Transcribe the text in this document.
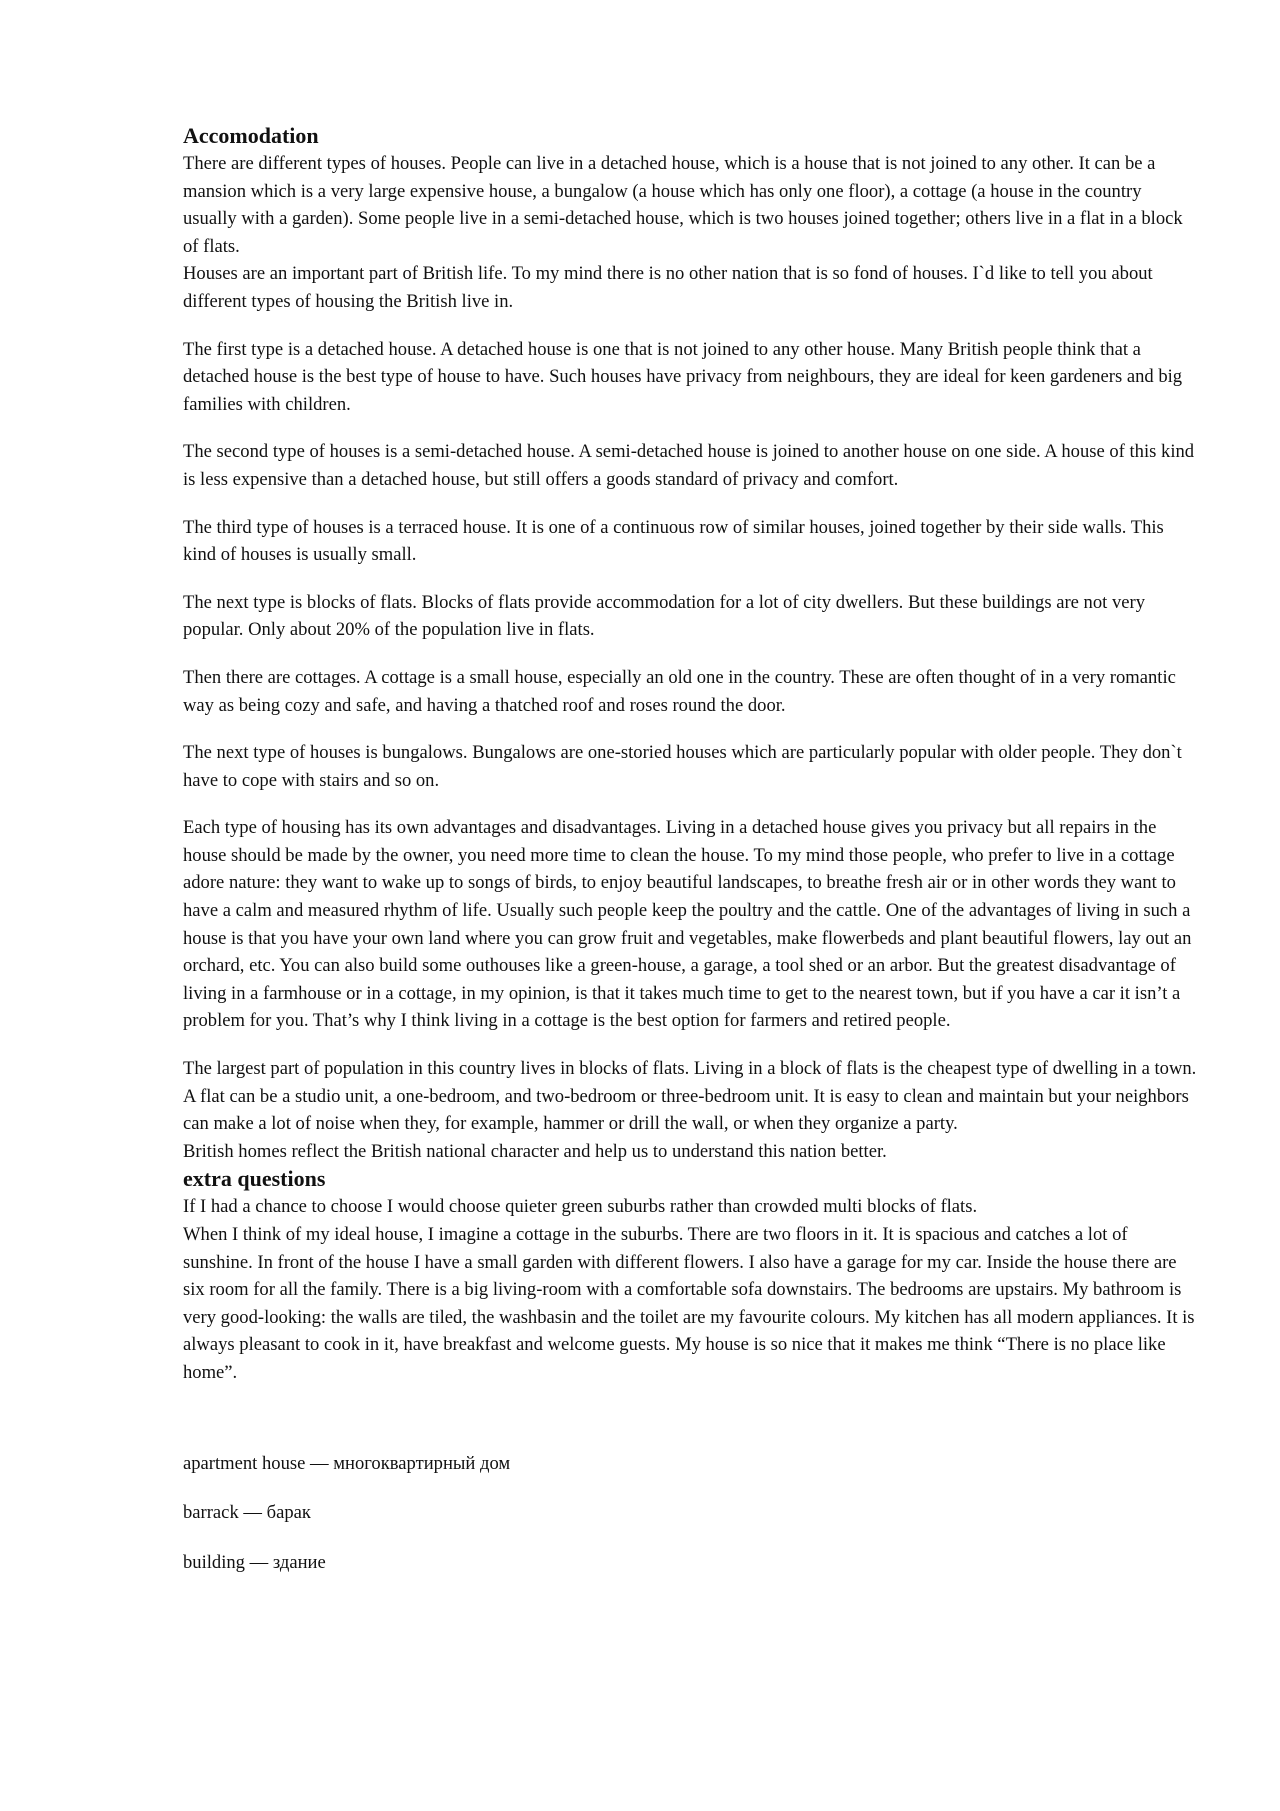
Accomodation

There are different types of houses. People can live in a detached house, which is a house that is not joined to any other. It can be a mansion which is a very large expensive house, a bungalow (a house which has only one floor), a cottage (a house in the country usually with a garden). Some people live in a semi-detached house, which is two houses joined together; others live in a flat in a block of flats.

Houses are an important part of British life. To my mind there is no other nation that is so fond of houses. I`d like to tell you about different types of housing the British live in.

The first type is a detached house. A detached house is one that is not joined to any other house. Many British people think that a detached house is the best type of house to have. Such houses have privacy from neighbours, they are ideal for keen gardeners and big families with children.

The second type of houses is a semi-detached house. A semi-detached house is joined to another house on one side. A house of this kind is less expensive than a detached house, but still offers a goods standard of privacy and comfort.

The third type of houses is a terraced house. It is one of a continuous row of similar houses, joined together by their side walls. This kind of houses is usually small.

The next type is blocks of flats. Blocks of flats provide accommodation for a lot of city dwellers. But these buildings are not very popular. Only about 20% of the population live in flats.

Then there are cottages. A cottage is a small house, especially an old one in the country. These are often thought of in a very romantic way as being cozy and safe, and having a thatched roof and roses round the door.

The next type of houses is bungalows. Bungalows are one-storied houses which are particularly popular with older people. They don`t have to cope with stairs and so on.

Each type of housing has its own advantages and disadvantages. Living in a detached house gives you privacy but all repairs in the house should be made by the owner, you need more time to clean the house. To my mind those people, who prefer to live in a cottage adore nature: they want to wake up to songs of birds, to enjoy beautiful landscapes, to breathe fresh air or in other words they want to have a calm and measured rhythm of life. Usually such people keep the poultry and the cattle. One of the advantages of living in such a house is that you have your own land where you can grow fruit and vegetables, make flowerbeds and plant beautiful flowers, lay out an orchard, etc. You can also build some outhouses like a green-house, a garage, a tool shed or an arbor. But the greatest disadvantage of living in a farmhouse or in a cottage, in my opinion, is that it takes much time to get to the nearest town, but if you have a car it isn’t a problem for you. That’s why I think living in a cottage is the best option for farmers and retired people.

The largest part of population in this country lives in blocks of flats. Living in a block of flats is the cheapest type of dwelling in a town. A flat can be a studio unit, a one-bedroom, and two-bedroom or three-bedroom unit. It is easy to clean and maintain but your neighbors can make a lot of noise when they, for example, hammer or drill the wall, or when they organize a party.

British homes reflect the British national character and help us to understand this nation better.

extra questions

If I had a chance to choose I would choose quieter green suburbs rather than crowded multi blocks of flats.

When I think of my ideal house, I imagine a cottage in the suburbs. There are two floors in it. It is spacious and catches a lot of sunshine. In front of the house I have a small garden with different flowers. I also have a garage for my car. Inside the house there are six room for all the family. There is a big living-room with a comfortable sofa downstairs. The bedrooms are upstairs. My bathroom is very good-looking: the walls are tiled, the washbasin and the toilet are my favourite colours. My kitchen has all modern appliances. It is always pleasant to cook in it, have breakfast and welcome guests. My house is so nice that it makes me think “There is no place like home”.

apartment house — многоквартирный дом

barrack — барак

building — здание
